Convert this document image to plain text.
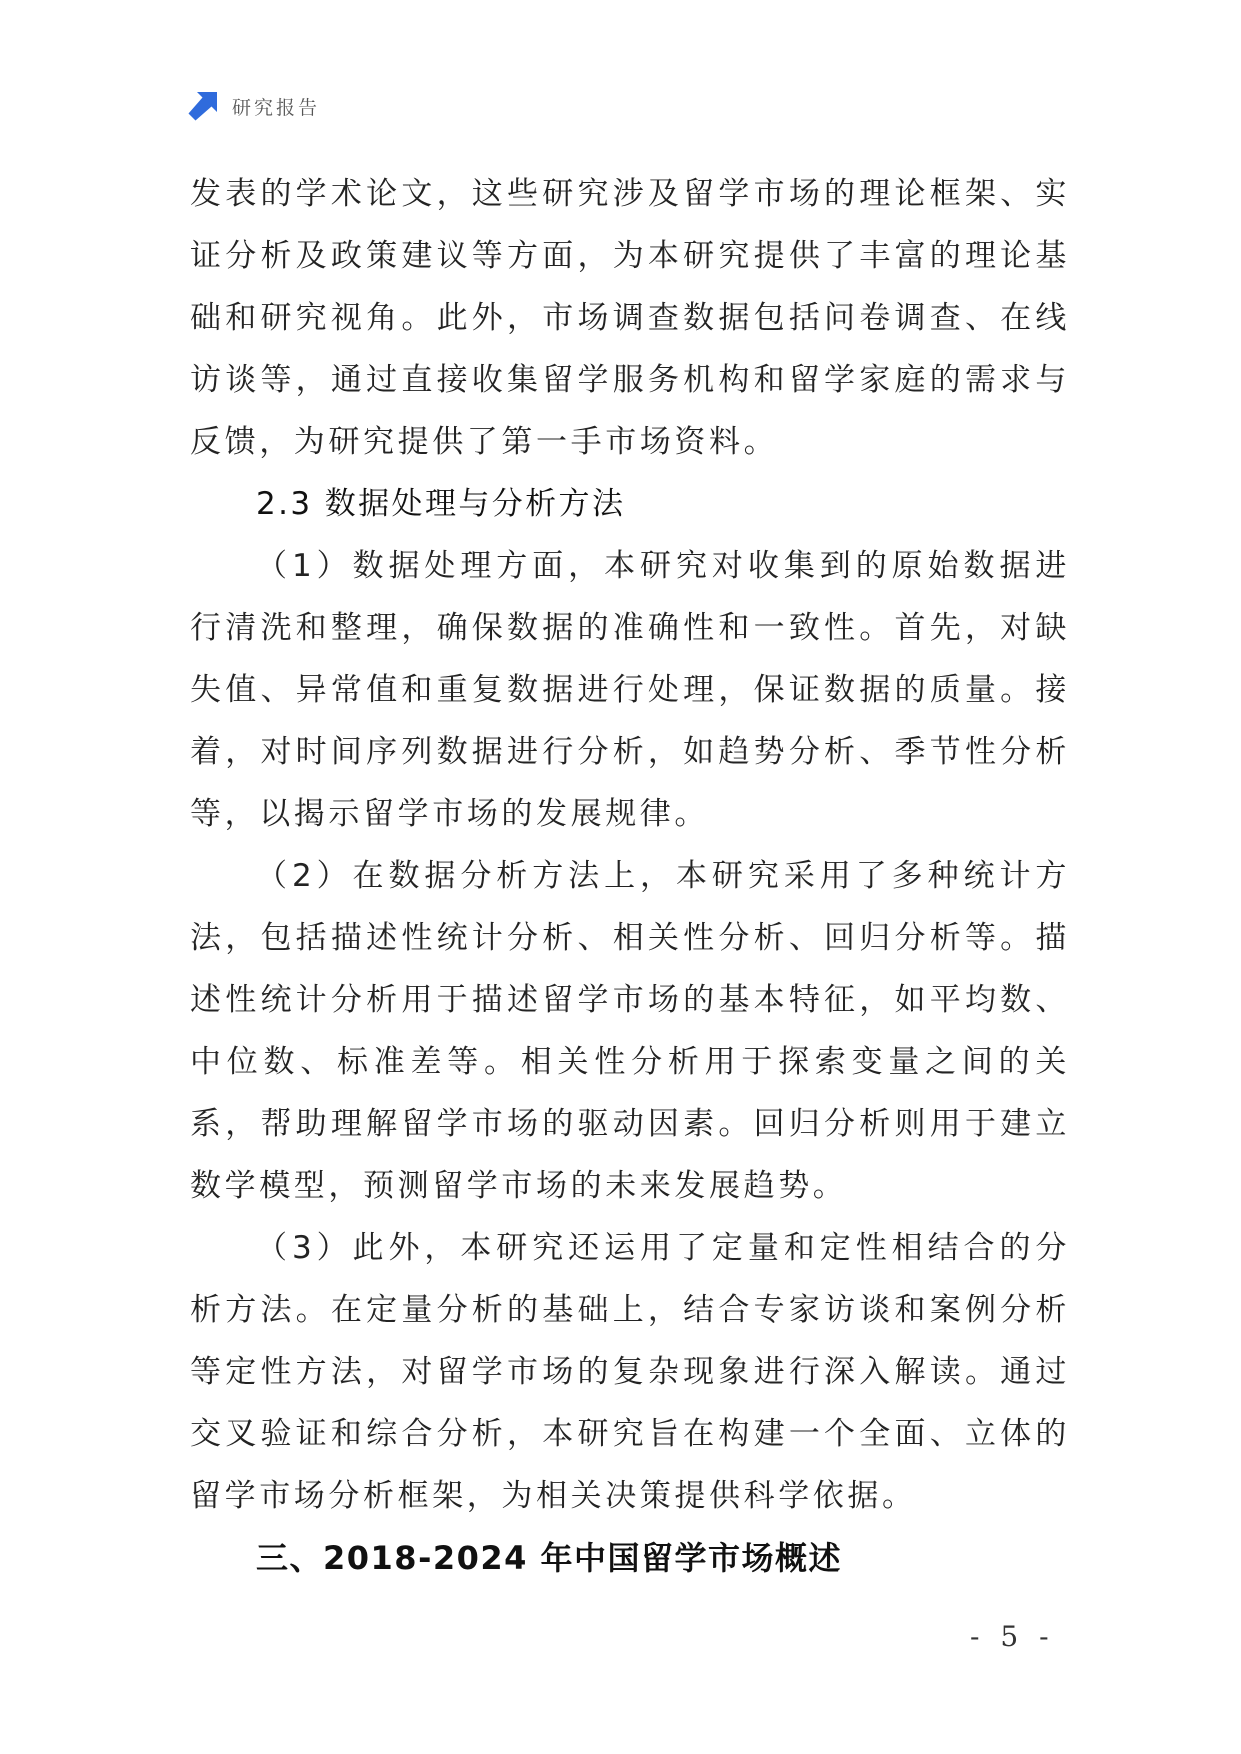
研究报告

发表的学术论文，这些研究涉及留学市场的理论框架、实证分析及政策建议等方面，为本研究提供了丰富的理论基础和研究视角。此外，市场调查数据包括问卷调查、在线访谈等，通过直接收集留学服务机构和留学家庭的需求与反馈，为研究提供了第一手市场资料。

2.3 数据处理与分析方法

（1）数据处理方面，本研究对收集到的原始数据进行清洗和整理，确保数据的准确性和一致性。首先，对缺失值、异常值和重复数据进行处理，保证数据的质量。接着，对时间序列数据进行分析，如趋势分析、季节性分析等，以揭示留学市场的发展规律。

（2）在数据分析方法上，本研究采用了多种统计方法，包括描述性统计分析、相关性分析、回归分析等。描述性统计分析用于描述留学市场的基本特征，如平均数、中位数、标准差等。相关性分析用于探索变量之间的关系，帮助理解留学市场的驱动因素。回归分析则用于建立数学模型，预测留学市场的未来发展趋势。

（3）此外，本研究还运用了定量和定性相结合的分析方法。在定量分析的基础上，结合专家访谈和案例分析等定性方法，对留学市场的复杂现象进行深入解读。通过交叉验证和综合分析，本研究旨在构建一个全面、立体的留学市场分析框架，为相关决策提供科学依据。

三、2018-2024 年中国留学市场概述

- 5 -
